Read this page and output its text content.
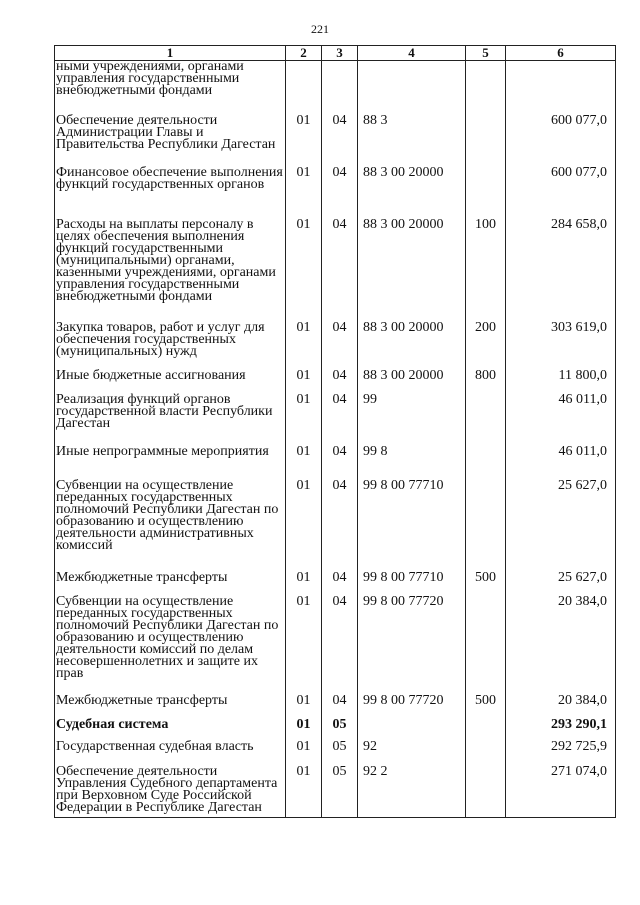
221
1	2	3	4	5	6
ными учреждениями, органами управления государственными внебюджетными фондами					
Обеспечение деятельности Администрации Главы и Правительства Республики Дагестан	01	04	88 3		600 077,0
Финансовое обеспечение выполнения функций государственных органов	01	04	88 3 00 20000		600 077,0
Расходы на выплаты персоналу в целях обеспечения выполнения функций государственными (муниципальными) органами, казенными учреждениями, органами управления государственными внебюджетными фондами	01	04	88 3 00 20000	100	284 658,0
Закупка товаров, работ и услуг для обеспечения государственных (муниципальных) нужд	01	04	88 3 00 20000	200	303 619,0
Иные бюджетные ассигнования	01	04	88 3 00 20000	800	11 800,0
Реализация функций органов государственной власти Республики Дагестан	01	04	99		46 011,0
Иные непрограммные мероприятия	01	04	99 8		46 011,0
Субвенции на осуществление переданных государственных полномочий Республики Дагестан по образованию и осуществлению деятельности административных комиссий	01	04	99 8 00 77710		25 627,0
Межбюджетные трансферты	01	04	99 8 00 77710	500	25 627,0
Субвенции на осуществление переданных государственных полномочий Республики Дагестан по образованию и осуществлению деятельности комиссий по делам несовершеннолетних и защите их прав	01	04	99 8 00 77720		20 384,0
Межбюджетные трансферты	01	04	99 8 00 77720	500	20 384,0
Судебная система	01	05			293 290,1
Государственная судебная власть	01	05	92		292 725,9
Обеспечение деятельности Управления Судебного департамента при Верховном Суде Российской Федерации в Республике Дагестан	01	05	92 2		271 074,0
